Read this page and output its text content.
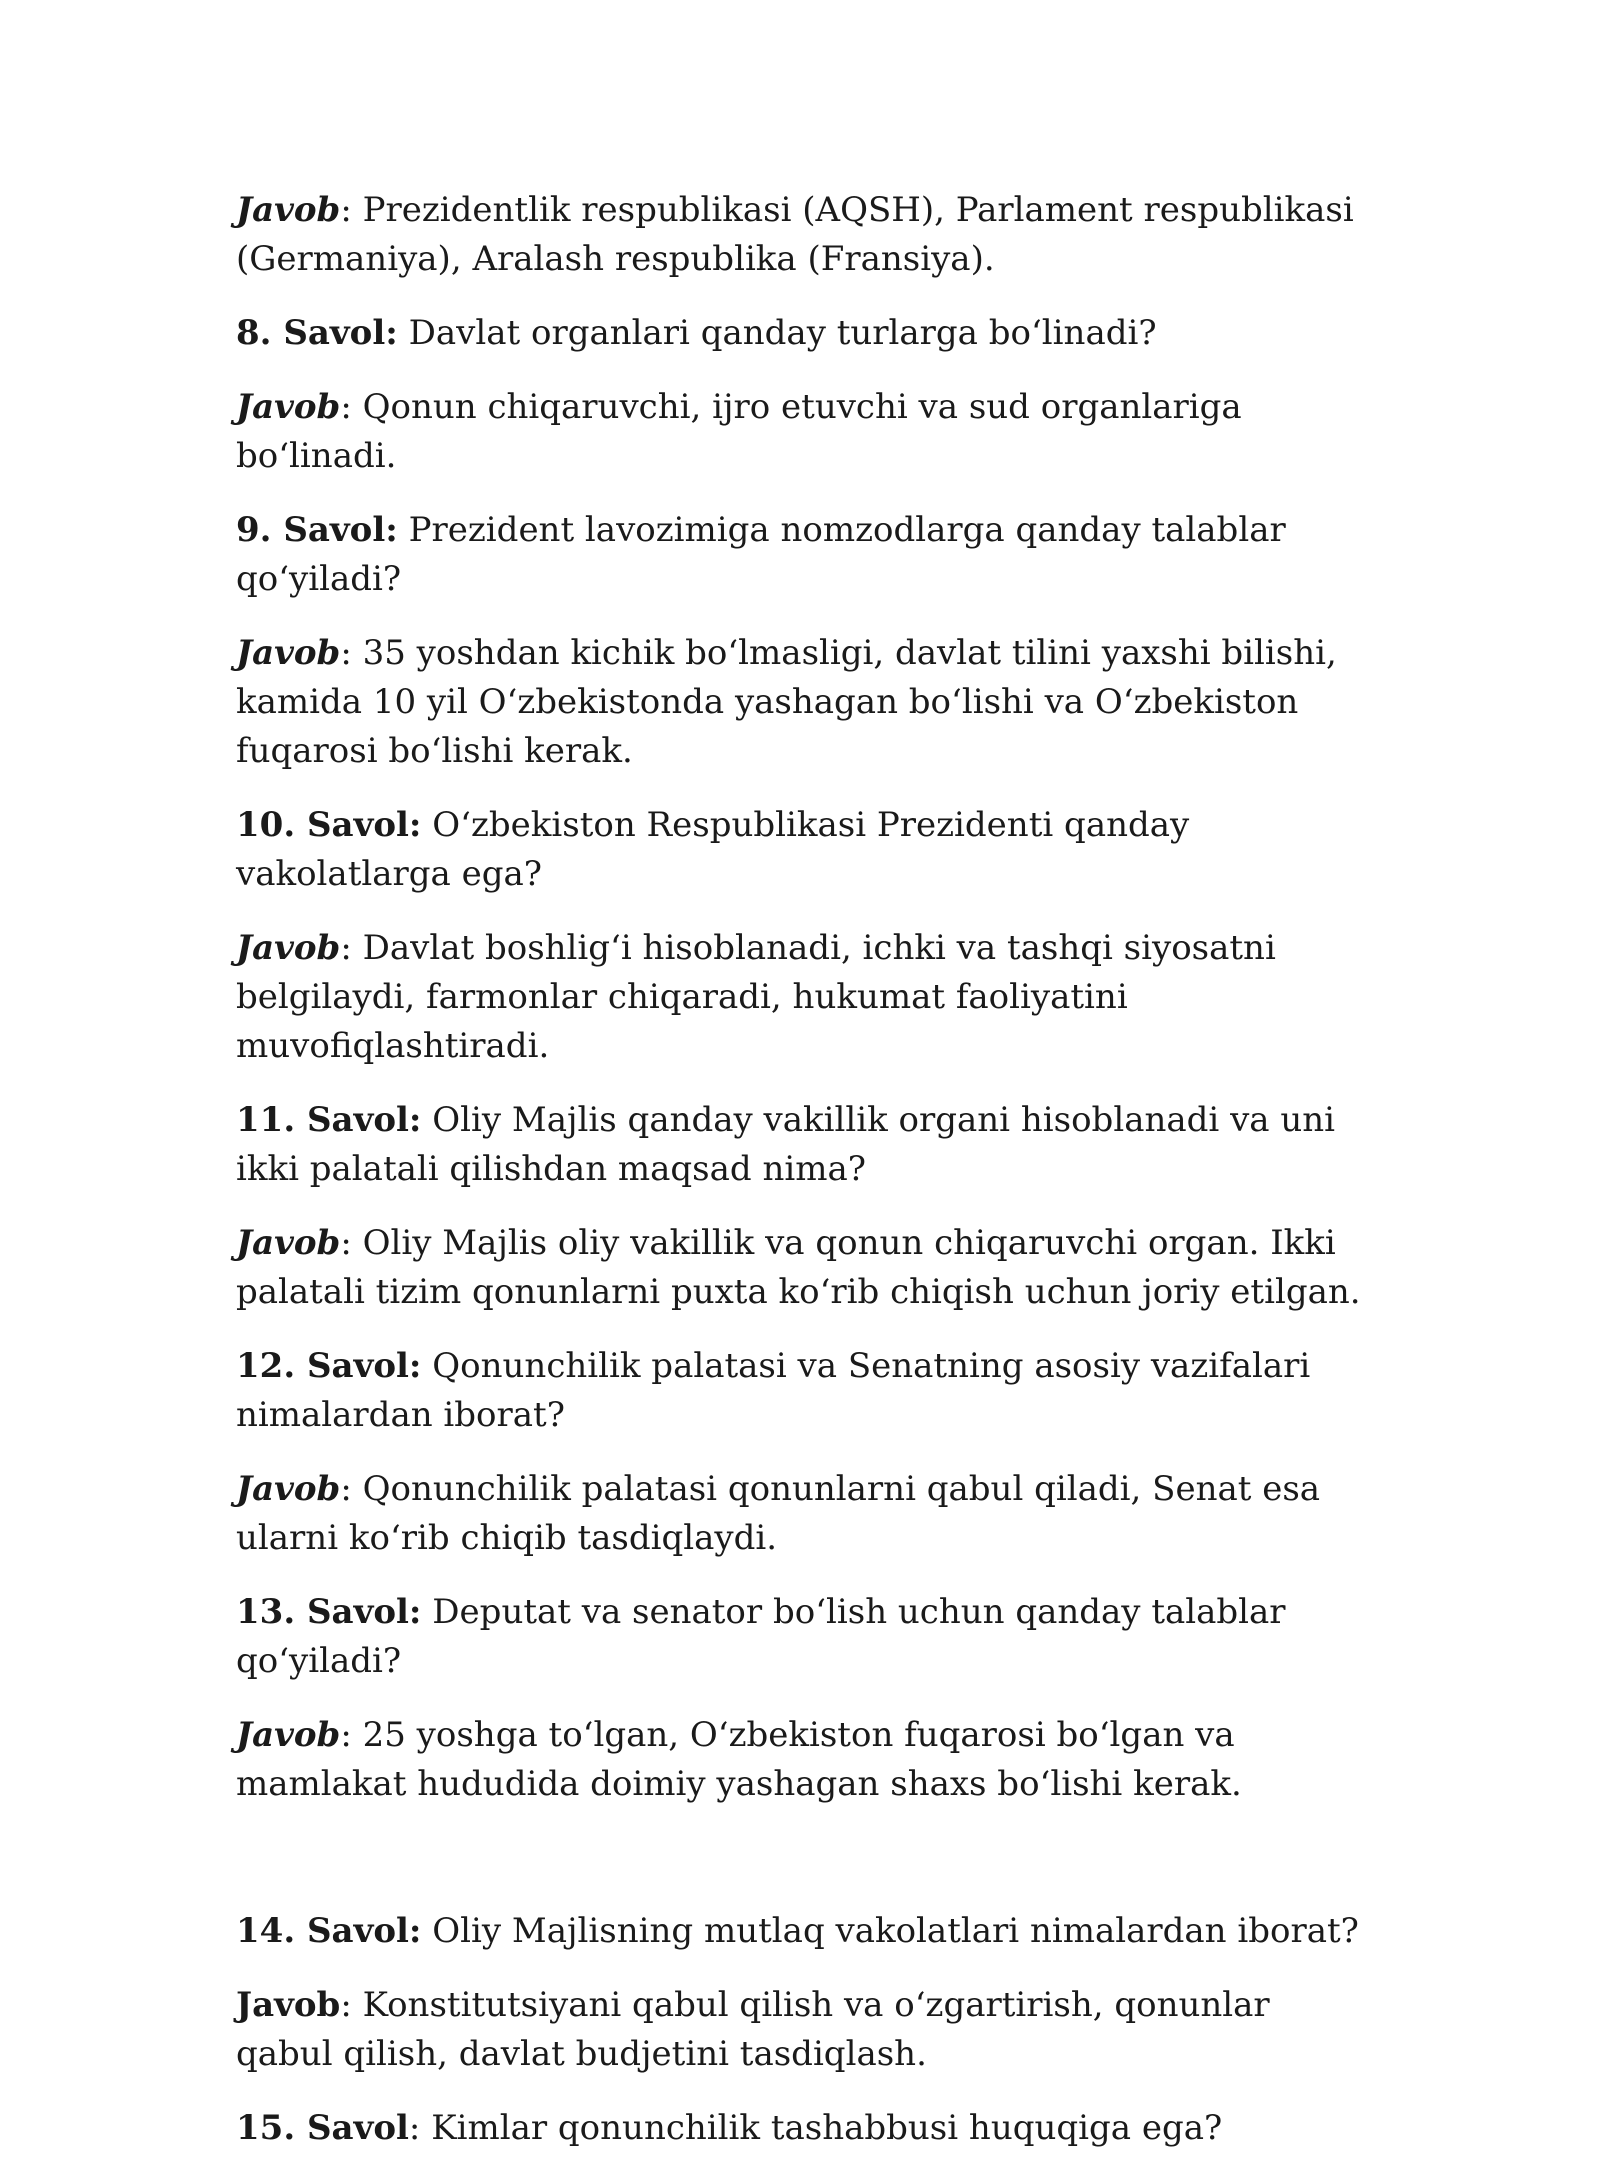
Javob: Prezidentlik respublikasi (AQSH), Parlament respublikasi (Germaniya), Aralash respublika (Fransiya).

8. Savol: Davlat organlari qanday turlarga boʻlinadi?

Javob: Qonun chiqaruvchi, ijro etuvchi va sud organlariga boʻlinadi.

9. Savol: Prezident lavozimiga nomzodlarga qanday talablar qoʻyiladi?

Javob: 35 yoshdan kichik boʻlmasligi, davlat tilini yaxshi bilishi, kamida 10 yil Oʻzbekistonda yashagan boʻlishi va Oʻzbekiston fuqarosi boʻlishi kerak.

10. Savol: Oʻzbekiston Respublikasi Prezidenti qanday vakolatlarga ega?

Javob: Davlat boshligʻi hisoblanadi, ichki va tashqi siyosatni belgilaydi, farmonlar chiqaradi, hukumat faoliyatini muvofiqlashtiradi.

11. Savol: Oliy Majlis qanday vakillik organi hisoblanadi va uni ikki palatali qilishdan maqsad nima?

Javob: Oliy Majlis oliy vakillik va qonun chiqaruvchi organ. Ikki palatali tizim qonunlarni puxta koʻrib chiqish uchun joriy etilgan.

12. Savol: Qonunchilik palatasi va Senatning asosiy vazifalari nimalardan iborat?

Javob: Qonunchilik palatasi qonunlarni qabul qiladi, Senat esa ularni koʻrib chiqib tasdiqlaydi.

13. Savol: Deputat va senator boʻlish uchun qanday talablar qoʻyiladi?

Javob: 25 yoshga toʻlgan, Oʻzbekiston fuqarosi boʻlgan va mamlakat hududida doimiy yashagan shaxs boʻlishi kerak.

14. Savol: Oliy Majlisning mutlaq vakolatlari nimalardan iborat?

Javob: Konstitutsiyani qabul qilish va oʻzgartirish, qonunlar qabul qilish, davlat budjetini tasdiqlash.

15. Savol: Kimlar qonunchilik tashabbusi huquqiga ega?
